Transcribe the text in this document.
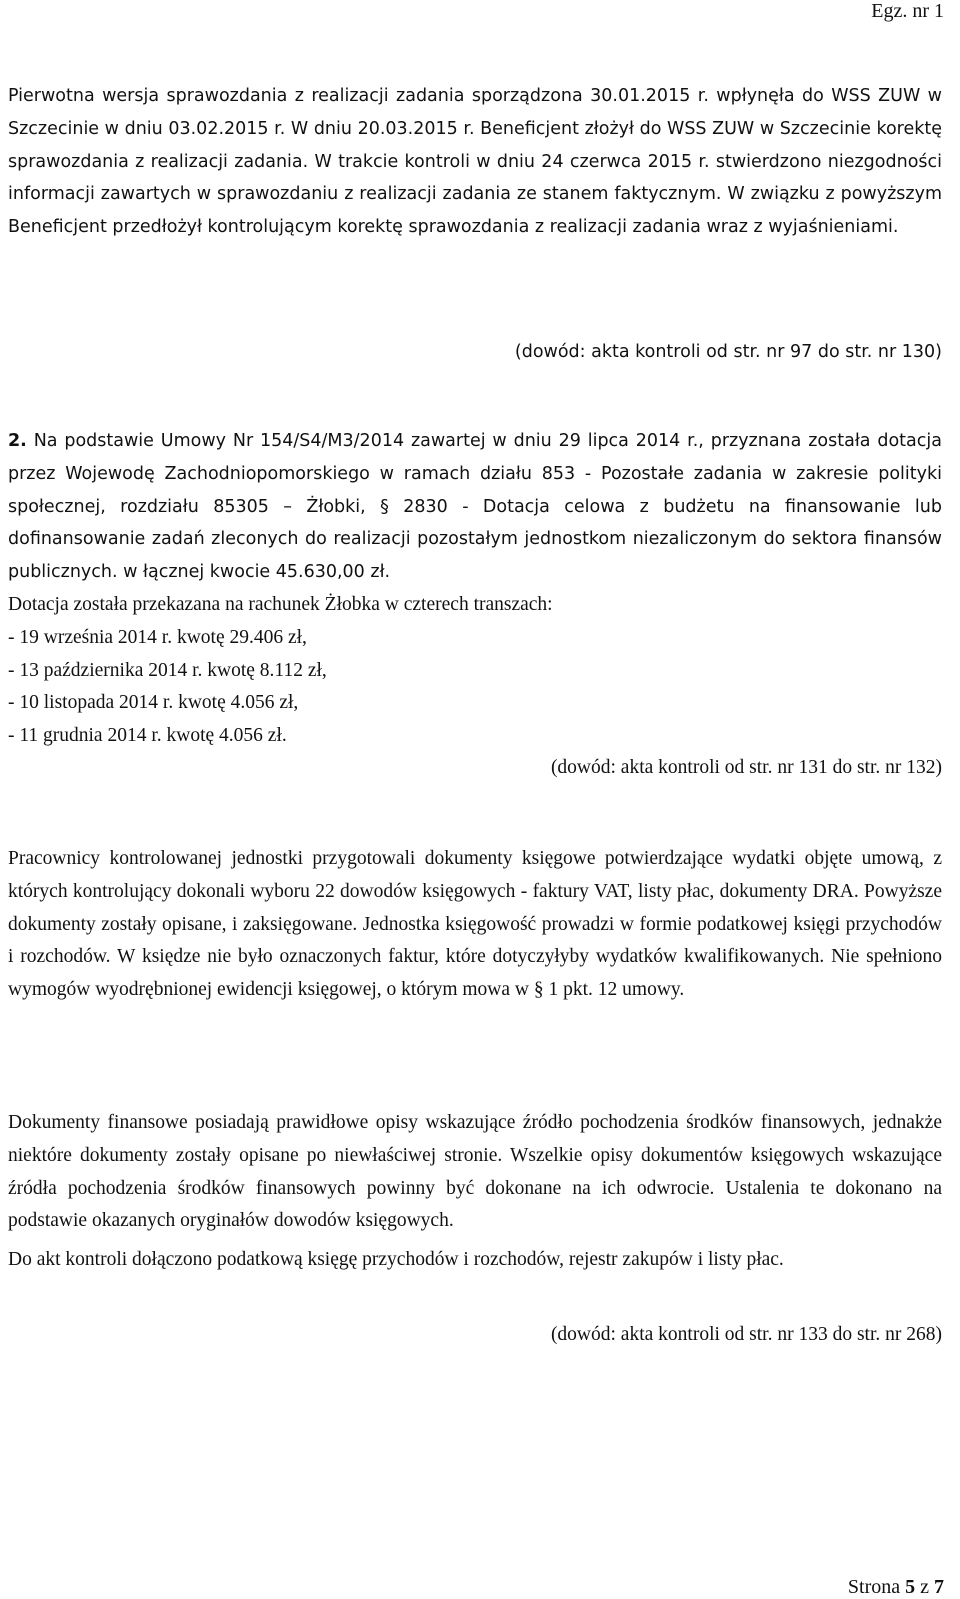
Egz. nr 1
Pierwotna wersja sprawozdania z realizacji zadania sporządzona 30.01.2015 r. wpłynęła do WSS ZUW w Szczecinie w dniu 03.02.2015 r. W dniu 20.03.2015 r. Beneficjent złożył do WSS ZUW w Szczecinie korektę sprawozdania z realizacji zadania. W trakcie kontroli w dniu 24 czerwca 2015 r. stwierdzono niezgodności informacji zawartych w sprawozdaniu z realizacji zadania ze stanem faktycznym. W związku z powyższym Beneficjent przedłożył kontrolującym korektę sprawozdania z realizacji zadania wraz z wyjaśnieniami.
(dowód: akta kontroli od str. nr 97 do str. nr 130)
2. Na podstawie Umowy Nr 154/S4/M3/2014 zawartej w dniu 29 lipca 2014 r., przyznana została dotacja przez Wojewodę Zachodniopomorskiego w ramach działu 853 - Pozostałe zadania w zakresie polityki społecznej, rozdziału 85305 – Żłobki, § 2830 - Dotacja celowa z budżetu na finansowanie lub dofinansowanie zadań zleconych do realizacji pozostałym jednostkom niezaliczonym do sektora finansów publicznych. w łącznej kwocie 45.630,00 zł.
Dotacja została przekazana na rachunek Żłobka w czterech transzach:
- 19 września 2014 r. kwotę 29.406 zł,
- 13 października 2014 r. kwotę 8.112 zł,
- 10 listopada 2014 r. kwotę 4.056 zł,
- 11 grudnia 2014 r. kwotę 4.056 zł.
(dowód: akta kontroli od str. nr 131 do str. nr 132)
Pracownicy kontrolowanej jednostki przygotowali dokumenty księgowe potwierdzające wydatki objęte umową, z których kontrolujący dokonali wyboru 22 dowodów księgowych - faktury VAT, listy płac, dokumenty DRA. Powyższe dokumenty zostały opisane, i zaksięgowane. Jednostka księgowość prowadzi w formie podatkowej księgi przychodów i rozchodów. W księdze nie było oznaczonych faktur, które dotyczyłyby wydatków kwalifikowanych. Nie spełniono wymogów wyodrębnionej ewidencji księgowej, o którym mowa w § 1 pkt. 12 umowy.
Dokumenty finansowe posiadają prawidłowe opisy wskazujące źródło pochodzenia środków finansowych, jednakże niektóre dokumenty zostały opisane po niewłaściwej stronie. Wszelkie opisy dokumentów księgowych wskazujące źródła pochodzenia środków finansowych powinny być dokonane na ich odwrocie. Ustalenia te dokonano na podstawie okazanych oryginałów dowodów księgowych.
Do akt kontroli dołączono podatkową księgę przychodów i rozchodów, rejestr zakupów i listy płac.
(dowód: akta kontroli od str. nr 133 do str. nr 268)
Strona 5 z 7
